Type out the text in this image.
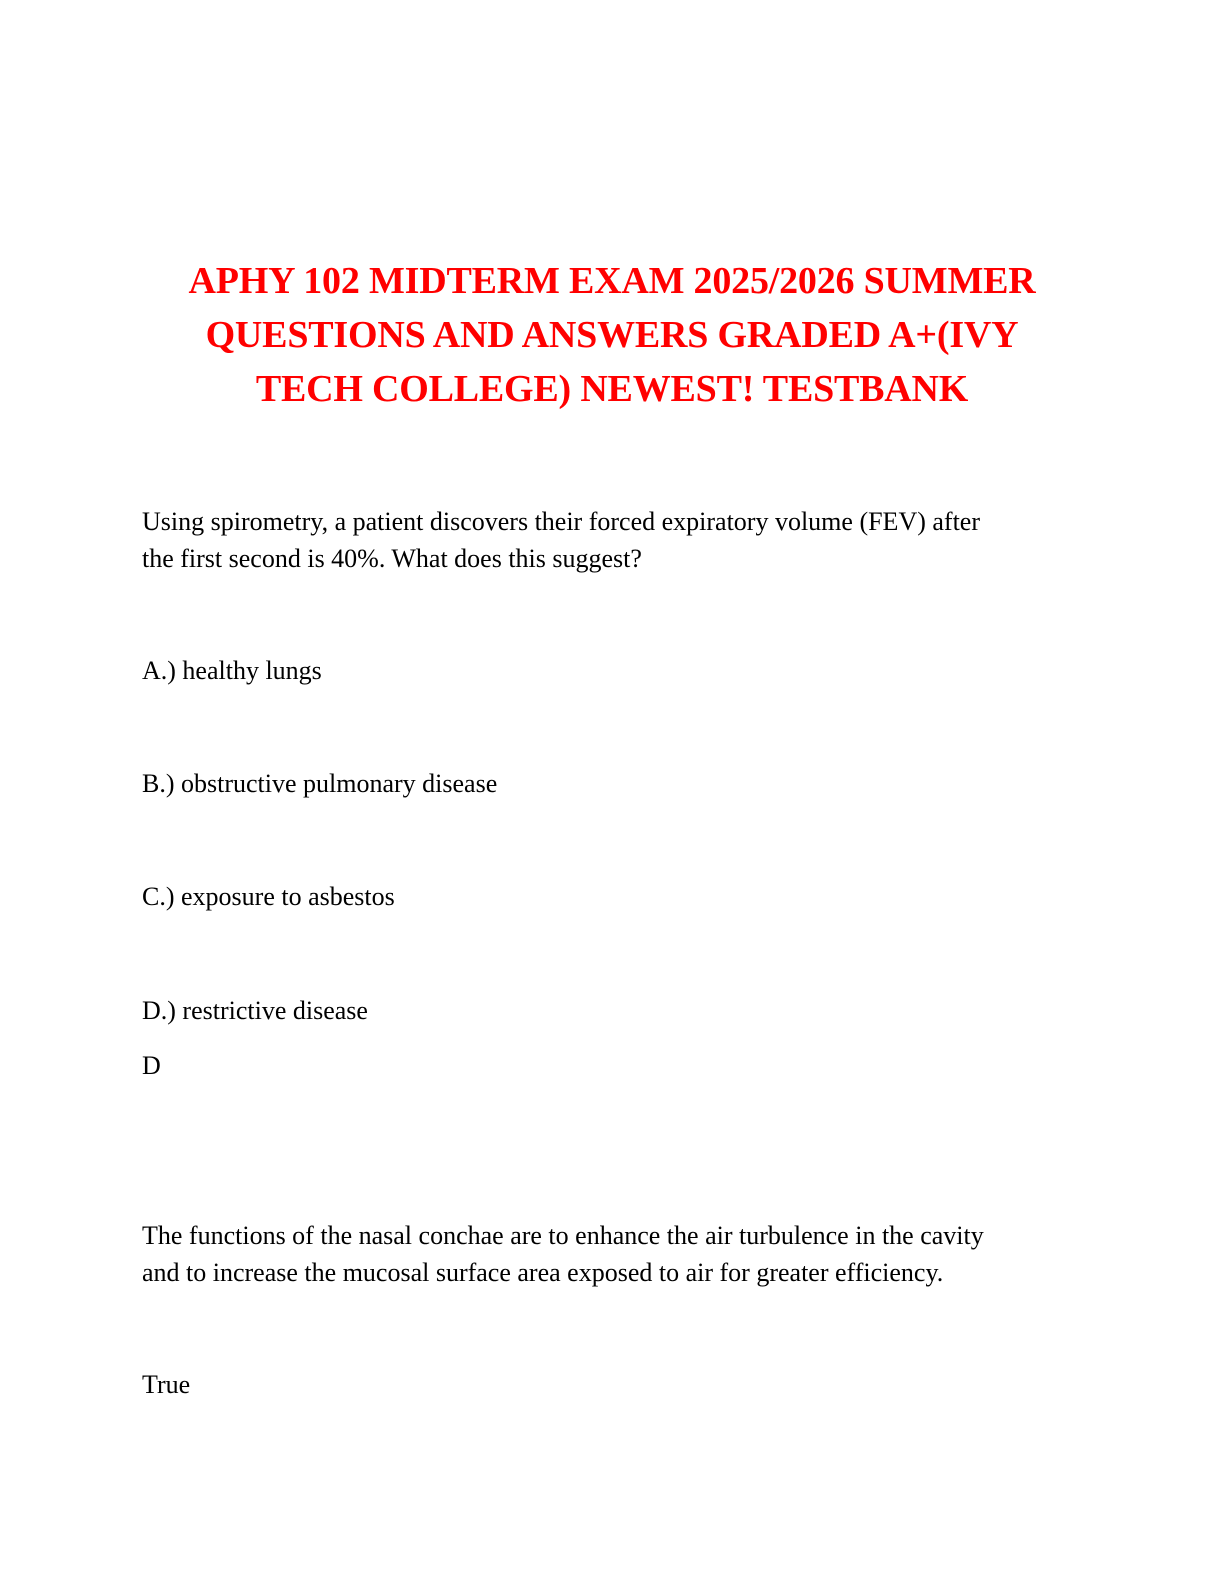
APHY 102 MIDTERM EXAM 2025/2026 SUMMER
QUESTIONS AND ANSWERS GRADED A+(IVY
TECH COLLEGE) NEWEST! TESTBANK

Using spirometry, a patient discovers their forced expiratory volume (FEV) after
the first second is 40%. What does this suggest?

A.) healthy lungs

B.) obstructive pulmonary disease

C.) exposure to asbestos

D.) restrictive disease

D

The functions of the nasal conchae are to enhance the air turbulence in the cavity
and to increase the mucosal surface area exposed to air for greater efficiency.

True
